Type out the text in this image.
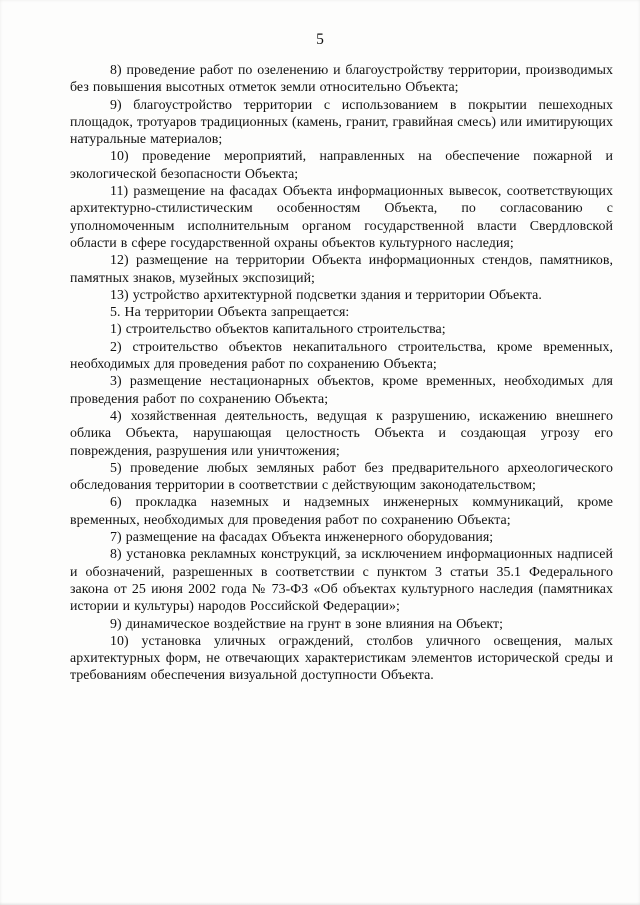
5

8) проведение работ по озеленению и благоустройству территории, производимых без повышения высотных отметок земли относительно Объекта;

9) благоустройство территории с использованием в покрытии пешеходных площадок, тротуаров традиционных (камень, гранит, гравийная смесь) или имитирующих натуральные материалов;

10) проведение мероприятий, направленных на обеспечение пожарной и экологической безопасности Объекта;

11) размещение на фасадах Объекта информационных вывесок, соответствующих архитектурно-стилистическим особенностям Объекта, по согласованию с уполномоченным исполнительным органом государственной власти Свердловской области в сфере государственной охраны объектов культурного наследия;

12) размещение на территории Объекта информационных стендов, памятников, памятных знаков, музейных экспозиций;

13) устройство архитектурной подсветки здания и территории Объекта.

5. На территории Объекта запрещается:

1) строительство объектов капитального строительства;

2) строительство объектов некапитального строительства, кроме временных, необходимых для проведения работ по сохранению Объекта;

3) размещение нестационарных объектов, кроме временных, необходимых для проведения работ по сохранению Объекта;

4) хозяйственная деятельность, ведущая к разрушению, искажению внешнего облика Объекта, нарушающая целостность Объекта и создающая угрозу его повреждения, разрушения или уничтожения;

5) проведение любых земляных работ без предварительного археологического обследования территории в соответствии с действующим законодательством;

6) прокладка наземных и надземных инженерных коммуникаций, кроме временных, необходимых для проведения работ по сохранению Объекта;

7) размещение на фасадах Объекта инженерного оборудования;

8) установка рекламных конструкций, за исключением информационных надписей и обозначений, разрешенных в соответствии с пунктом 3 статьи 35.1 Федерального закона от 25 июня 2002 года № 73-ФЗ «Об объектах культурного наследия (памятниках истории и культуры) народов Российской Федерации»;

9) динамическое воздействие на грунт в зоне влияния на Объект;

10) установка уличных ограждений, столбов уличного освещения, малых архитектурных форм, не отвечающих характеристикам элементов исторической среды и требованиям обеспечения визуальной доступности Объекта.
